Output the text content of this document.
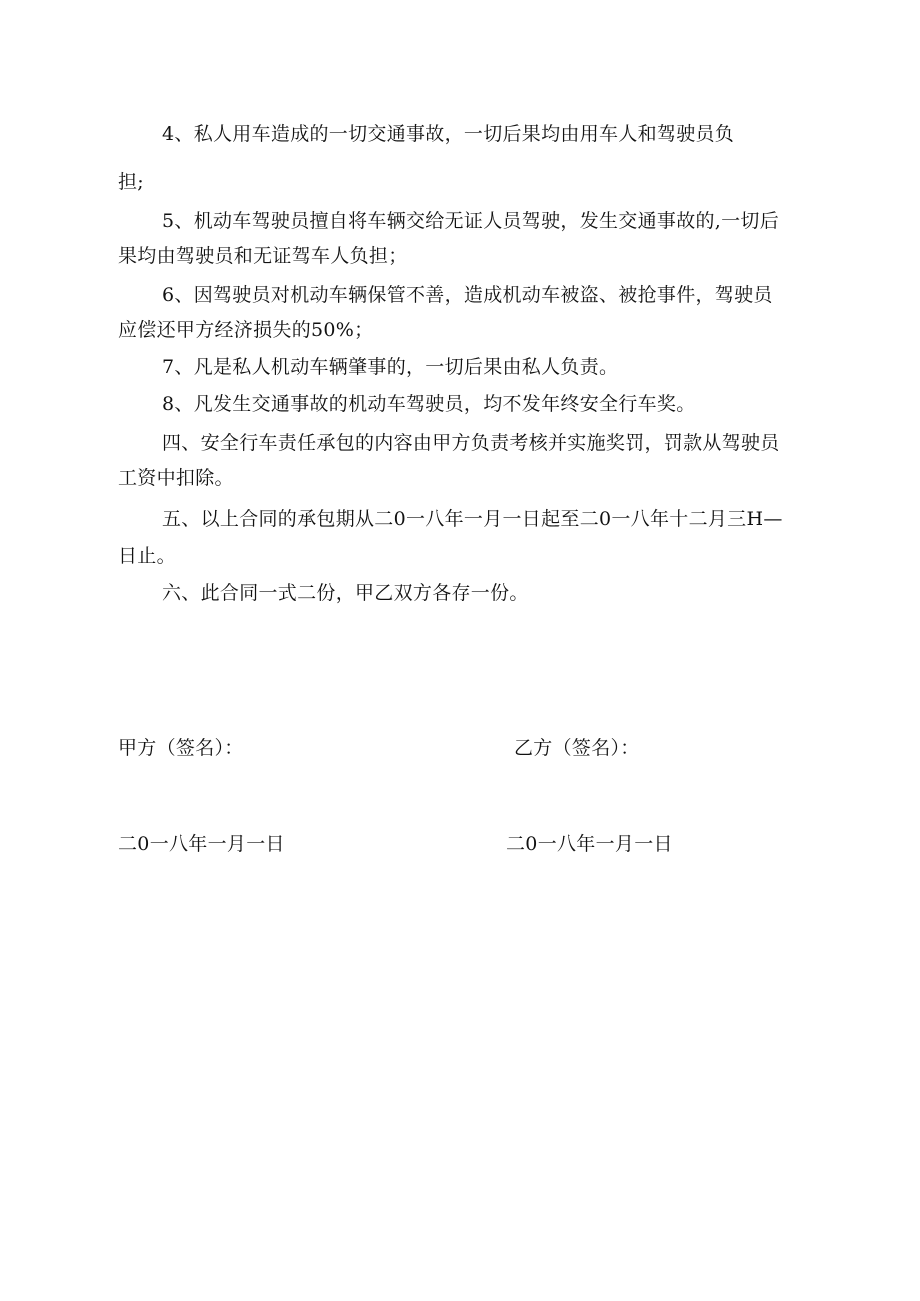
4、私人用车造成的一切交通事故，一切后果均由用车人和驾驶员负
担;
5、机动车驾驶员擅自将车辆交给无证人员驾驶，发生交通事故的,一切后
果均由驾驶员和无证驾车人负担；
6、因驾驶员对机动车辆保管不善，造成机动车被盗、被抢事件，驾驶员
应偿还甲方经济损失的50%；
7、凡是私人机动车辆肇事的，一切后果由私人负责。
8、凡发生交通事故的机动车驾驶员，均不发年终安全行车奖。
四、安全行车责任承包的内容由甲方负责考核并实施奖罚，罚款从驾驶员
工资中扣除。
五、以上合同的承包期从二0一八年一月一日起至二0一八年十二月三H—
日止。
六、此合同一式二份，甲乙双方各存一份。
甲方（签名）：	乙方（签名）：
二0一八年一月一日	二0一八年一月一日
